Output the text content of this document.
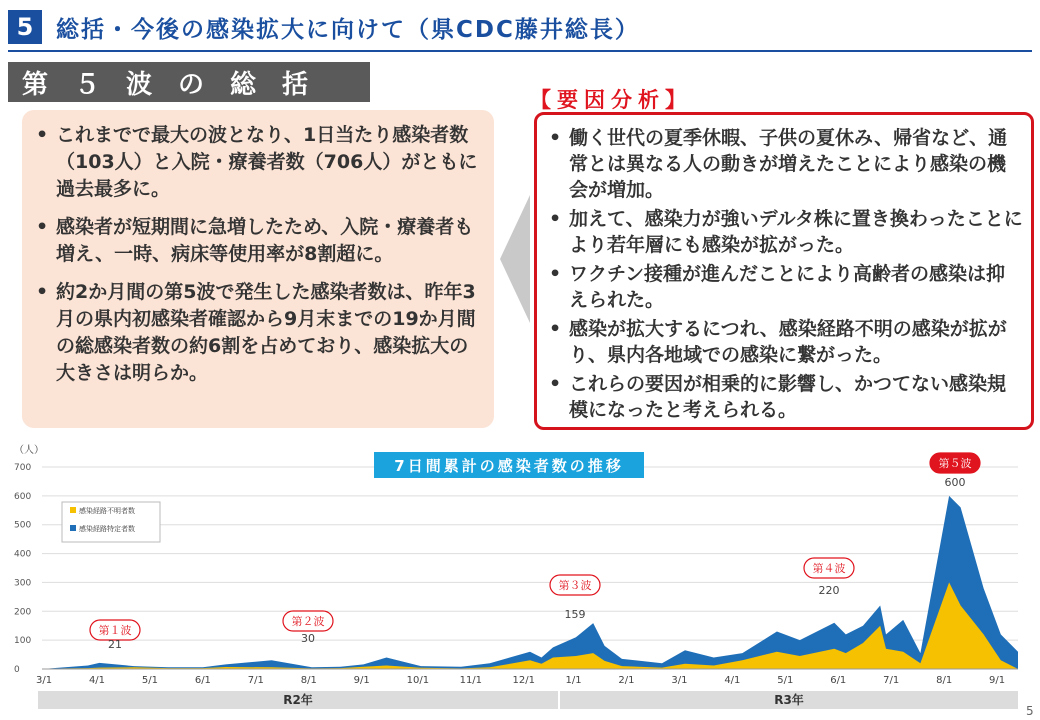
5 総括・今後の感染拡大に向けて（県CDC藤井総長）
第５波の総括
• これまでで最大の波となり、1日当たり感染者数（103人）と入院・療養者数（706人）がともに過去最多に。
• 感染者が短期間に急増したため、入院・療養者も増え、一時、病床等使用率が8割超に。
• 約2か月間の第5波で発生した感染者数は、昨年3月の県内初感染者確認から9月末までの19か月間の総感染者数の約6割を占めており、感染拡大の大きさは明らか。
【要因分析】
• 働く世代の夏季休暇、子供の夏休み、帰省など、通常とは異なる人の動きが増えたことにより感染の機会が増加。
• 加えて、感染力が強いデルタ株に置き換わったことにより若年層にも感染が拡がった。
• ワクチン接種が進んだことにより高齢者の感染は抑えられた。
• 感染が拡大するにつれ、感染経路不明の感染が拡がり、県内各地域での感染に繋がった。
• これらの要因が相乗的に影響し、かつてない感染規模になったと考えられる。
（人）
0
100
200
300
400
500
600
700
3/1	4/1	5/1	6/1	7/1	8/1	9/1	10/1	11/1	12/1	1/1	2/1	3/1	4/1	5/1	6/1	7/1	8/1	9/1
R2年	R3年
感染経路不明者数
感染経路特定者数
第１波
21
第２波
30
第３波
159
第４波
220
第５波
600
7日間累計の感染者数の推移
5
